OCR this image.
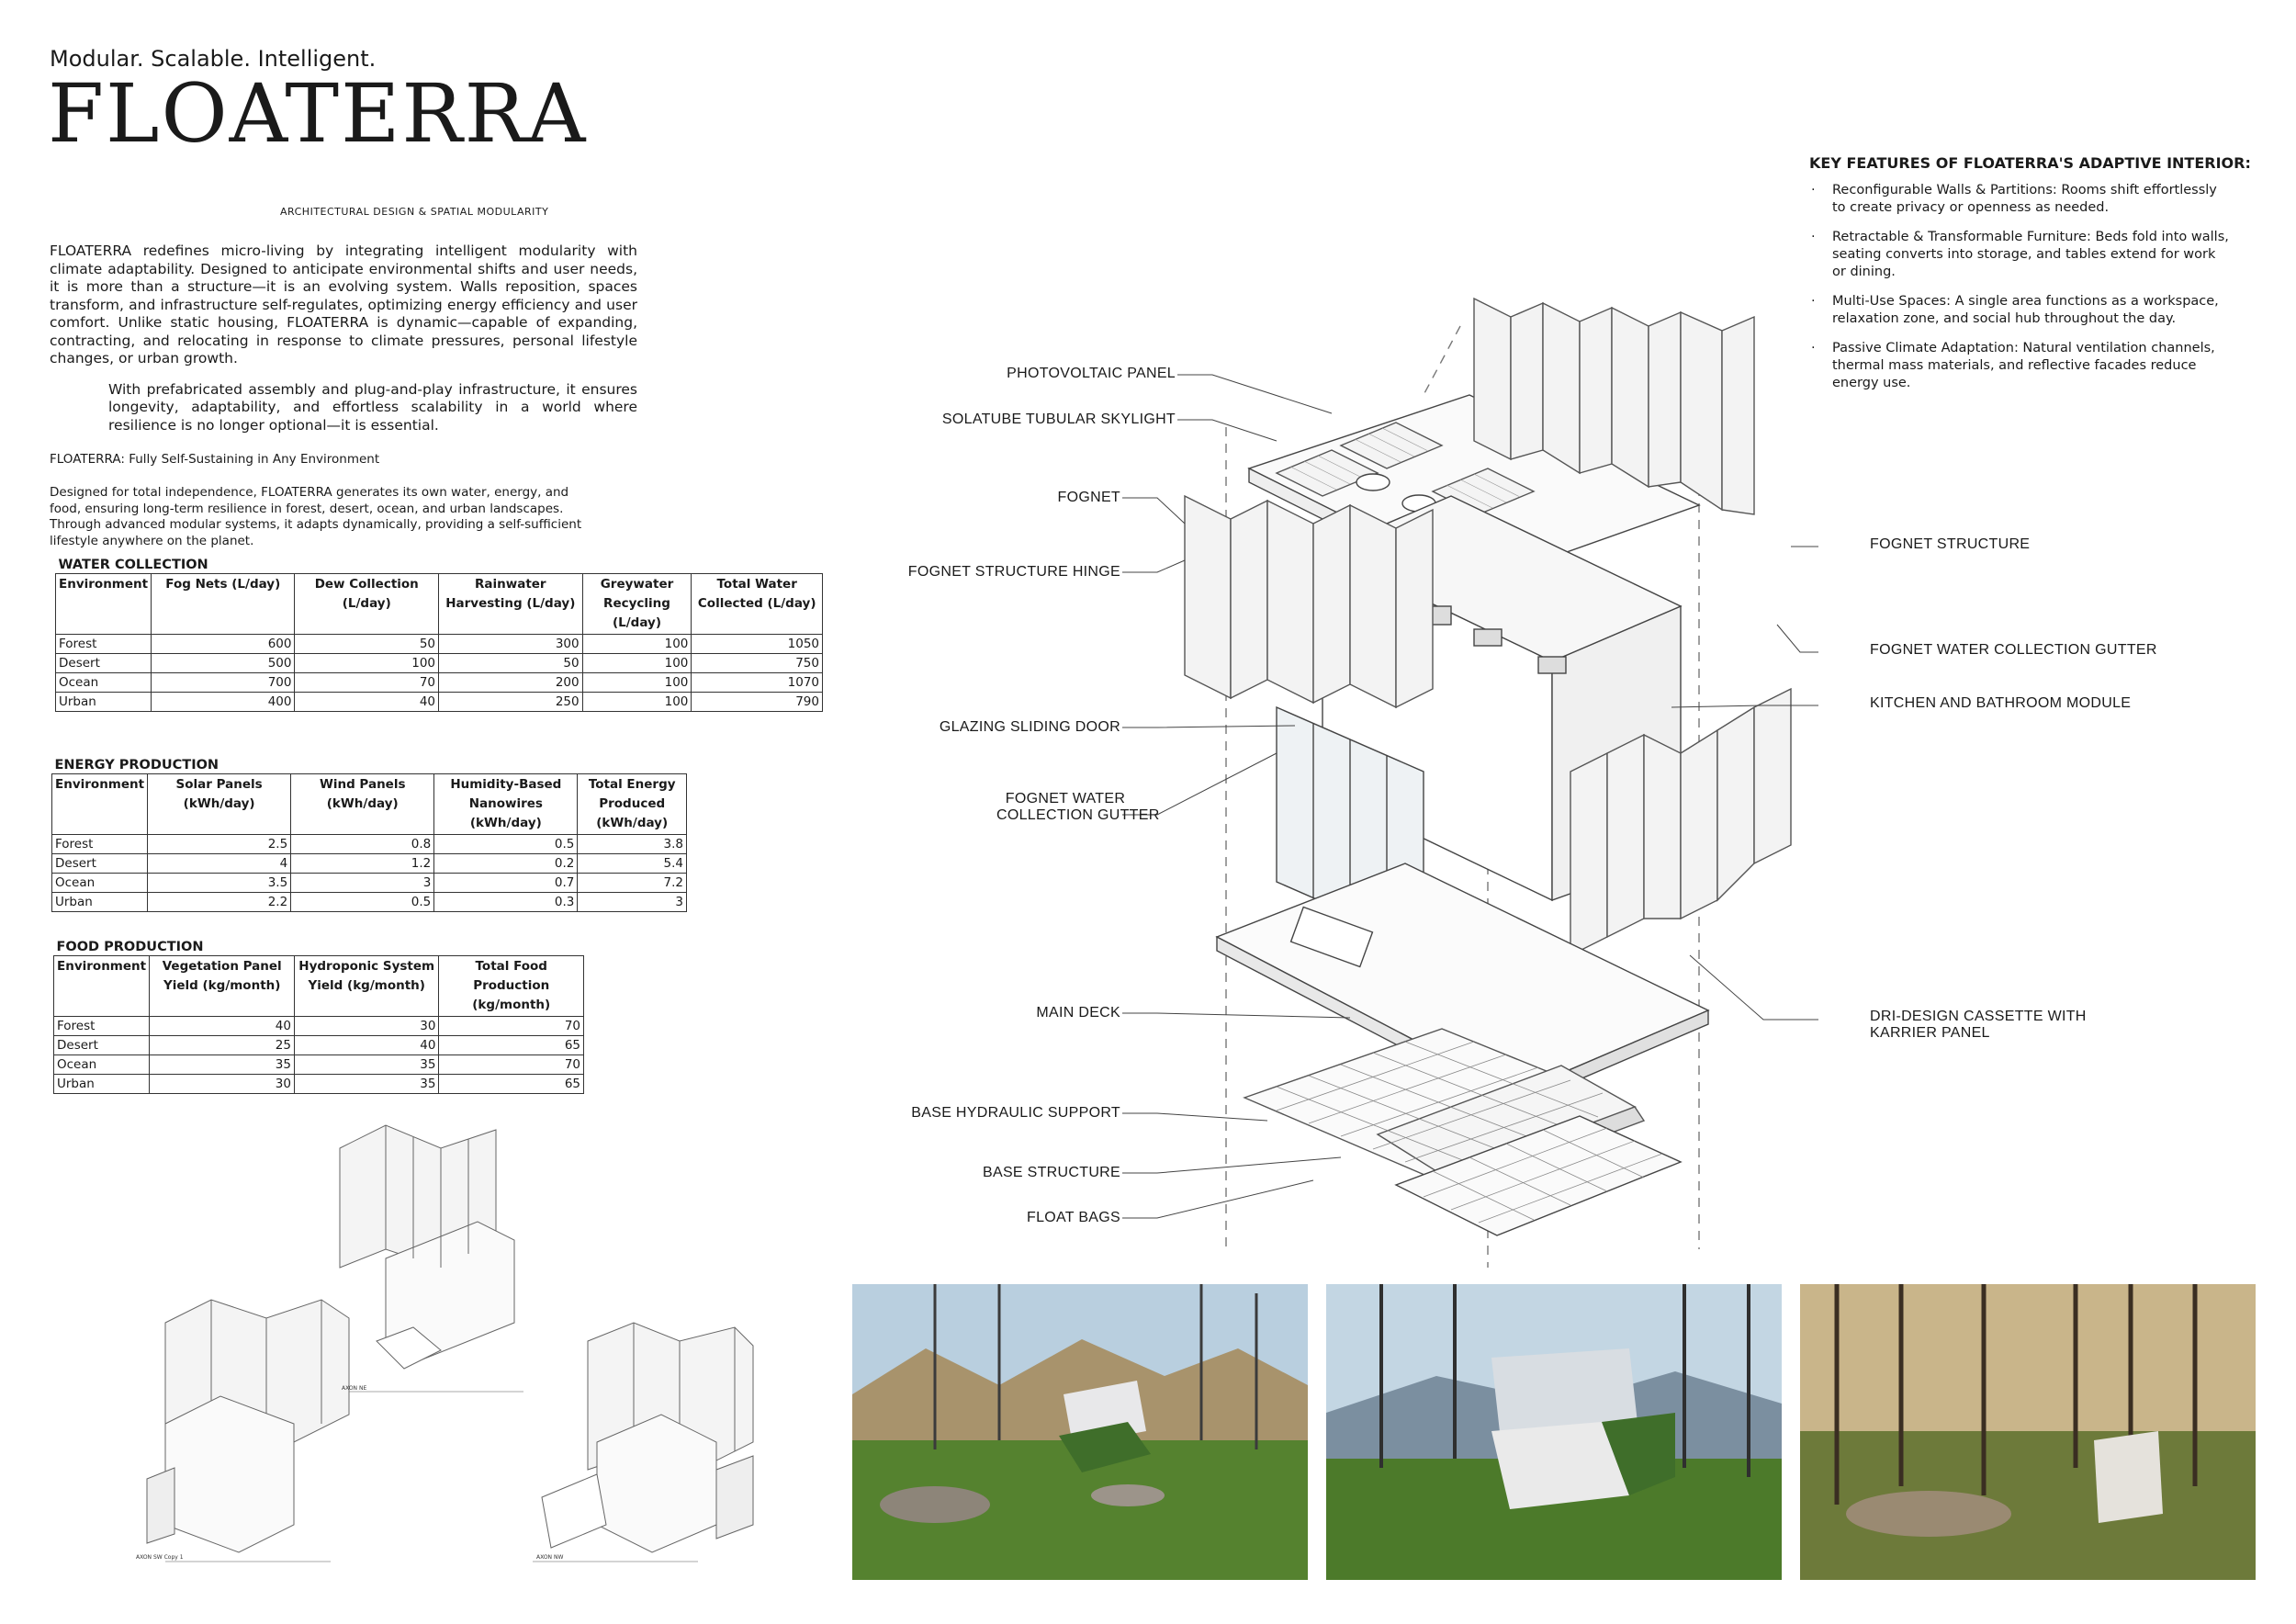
Modular. Scalable. Intelligent.
FLOATERRA
ARCHITECTURAL DESIGN & SPATIAL MODULARITY

FLOATERRA redefines micro-living by integrating intelligent modularity with climate adaptability. Designed to anticipate environmental shifts and user needs, it is more than a structure—it is an evolving system. Walls reposition, spaces transform, and infrastructure self-regulates, optimizing energy efficiency and user comfort. Unlike static housing, FLOATERRA is dynamic—capable of expanding, contracting, and relocating in response to climate pressures, personal lifestyle changes, or urban growth.

With prefabricated assembly and plug-and-play infrastructure, it ensures longevity, adaptability, and effortless scalability in a world where resilience is no longer optional—it is essential.

FLOATERRA: Fully Self-Sustaining in Any Environment
Designed for total independence, FLOATERRA generates its own water, energy, and food, ensuring long-term resilience in forest, desert, ocean, and urban landscapes. Through advanced modular systems, it adapts dynamically, providing a self-sufficient lifestyle anywhere on the planet.
WATER COLLECTION					
Environment	Fog Nets (L/day)	Dew Collection (L/day)	Rainwater Harvesting (L/day)	Greywater Recycling (L/day)	Total Water Collected (L/day)
Forest	600	50	300	100	1050
Desert	500	100	50	100	750
Ocean	700	70	200	100	1070
Urban	400	40	250	100	790
ENERGY PRODUCTION				
Environment	Solar Panels (kWh/day)	Wind Panels (kWh/day)	Humidity-Based Nanowires (kWh/day)	Total Energy Produced (kWh/day)
Forest	2.5	0.8	0.5	3.8
Desert	4	1.2	0.2	5.4
Ocean	3.5	3	0.7	7.2
Urban	2.2	0.5	0.3	3
FOOD PRODUCTION			
Environment	Vegetation Panel Yield (kg/month)	Hydroponic System Yield (kg/month)	Total Food Production (kg/month)
Forest	40	30	70
Desert	25	40	65
Ocean	35	35	70
Urban	30	35	65
KEY FEATURES OF FLOATERRA'S ADAPTIVE INTERIOR:
· Reconfigurable Walls & Partitions: Rooms shift effortlessly to create privacy or openness as needed.
· Retractable & Transformable Furniture: Beds fold into walls, seating converts into storage, and tables extend for work or dining.
· Multi-Use Spaces: A single area functions as a workspace, relaxation zone, and social hub throughout the day.
· Passive Climate Adaptation: Natural ventilation channels, thermal mass materials, and reflective facades reduce energy use.
PHOTOVOLTAIC PANEL
SOLATUBE TUBULAR SKYLIGHT
FOGNET
FOGNET STRUCTURE HINGE
GLAZING SLIDING DOOR
FOGNET WATER
COLLECTION GUTTER
MAIN DECK
BASE HYDRAULIC SUPPORT
BASE STRUCTURE
FLOAT BAGS
FOGNET STRUCTURE
FOGNET WATER COLLECTION GUTTER
KITCHEN AND BATHROOM MODULE
DRI-DESIGN CASSETTE WITH
KARRIER PANEL
AXON NE
AXON SW Copy 1	AXON NW
